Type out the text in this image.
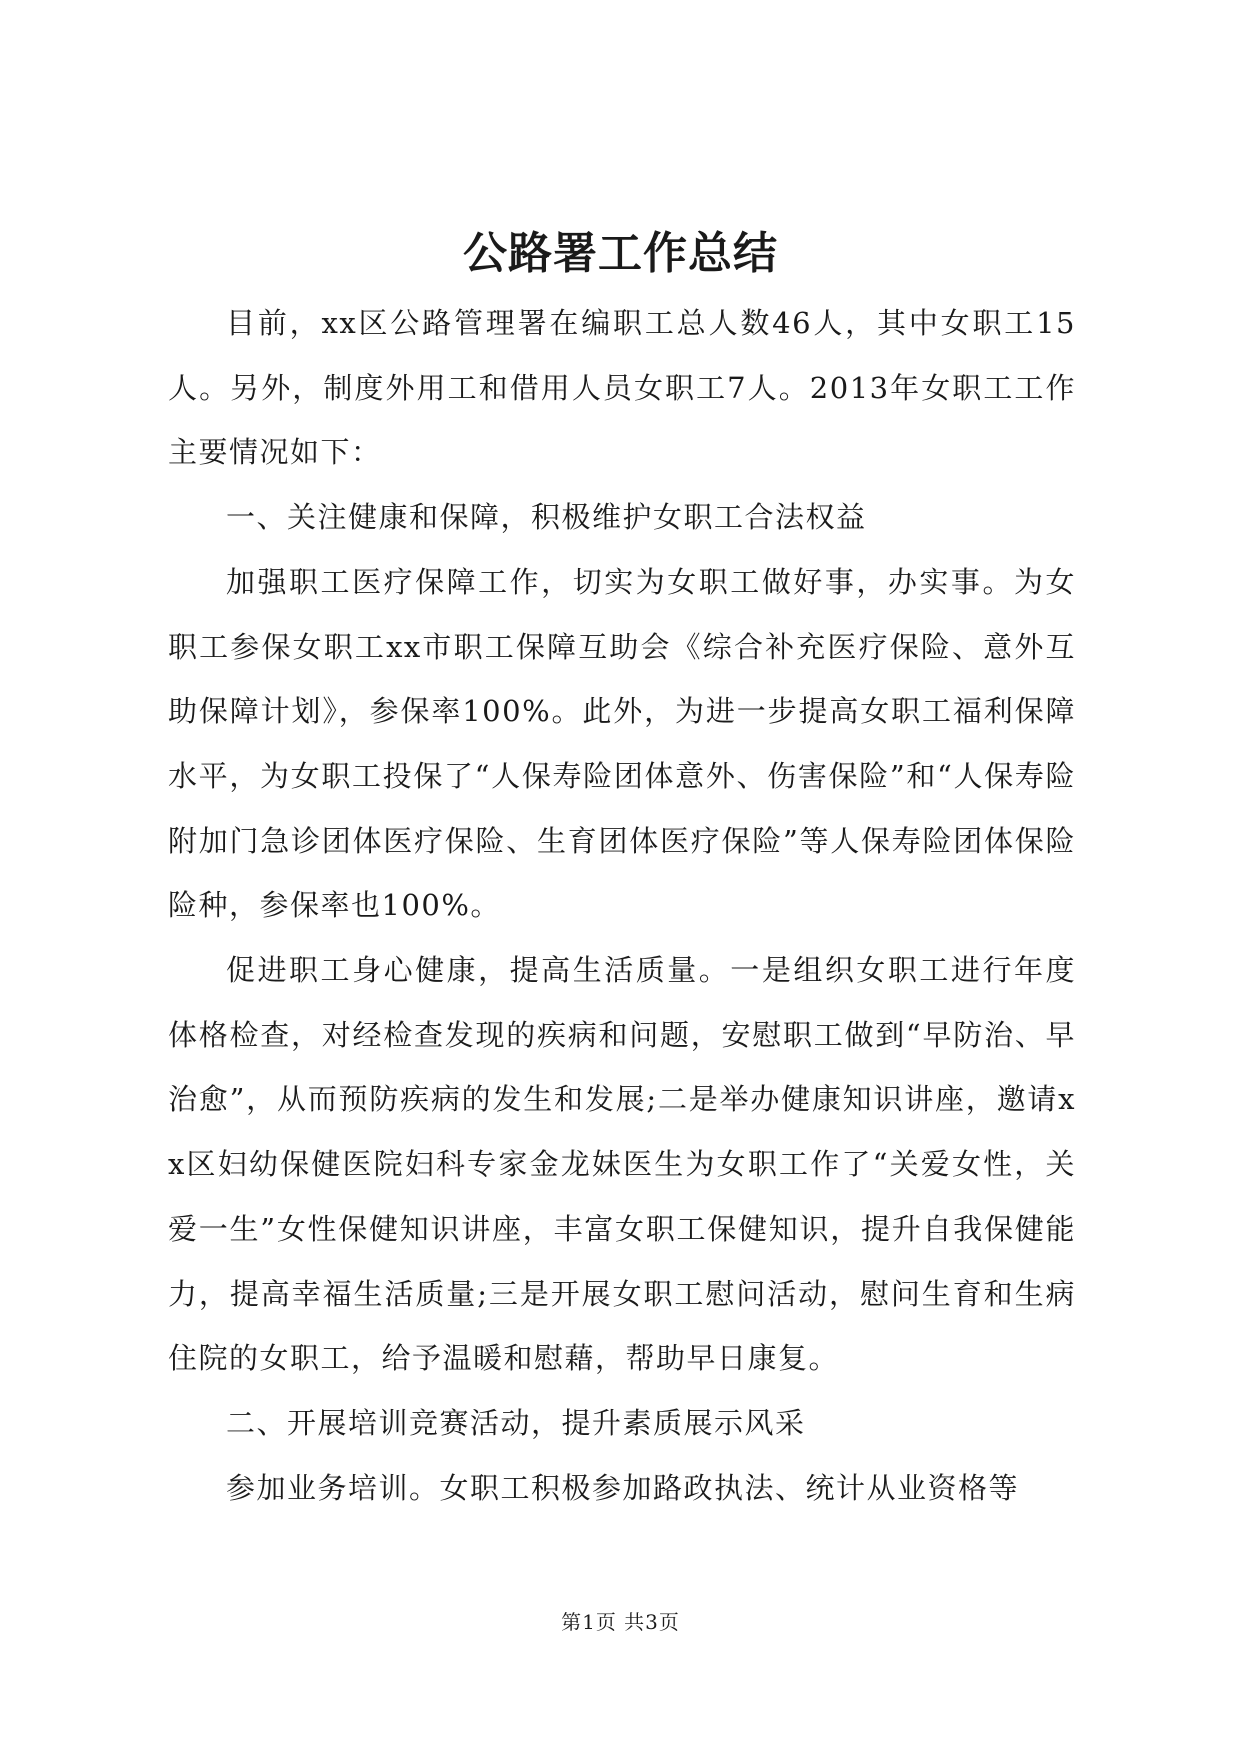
公路署工作总结

目前，xx区公路管理署在编职工总人数46人，其中女职工15人。另外，制度外用工和借用人员女职工7人。2013年女职工工作主要情况如下：

一、关注健康和保障，积极维护女职工合法权益

加强职工医疗保障工作，切实为女职工做好事，办实事。为女职工参保女职工xx市职工保障互助会《综合补充医疗保险、意外互助保障计划》，参保率100%。此外，为进一步提高女职工福利保障水平，为女职工投保了“人保寿险团体意外、伤害保险”和“人保寿险附加门急诊团体医疗保险、生育团体医疗保险”等人保寿险团体保险险种，参保率也100%。

促进职工身心健康，提高生活质量。一是组织女职工进行年度体格检查，对经检查发现的疾病和问题，安慰职工做到“早防治、早治愈”，从而预防疾病的发生和发展;二是举办健康知识讲座，邀请xx区妇幼保健医院妇科专家金龙妹医生为女职工作了“关爱女性，关爱一生”女性保健知识讲座，丰富女职工保健知识，提升自我保健能力，提高幸福生活质量;三是开展女职工慰问活动，慰问生育和生病住院的女职工，给予温暖和慰藉，帮助早日康复。

二、开展培训竞赛活动，提升素质展示风采

参加业务培训。女职工积极参加路政执法、统计从业资格等

第1页 共3页
